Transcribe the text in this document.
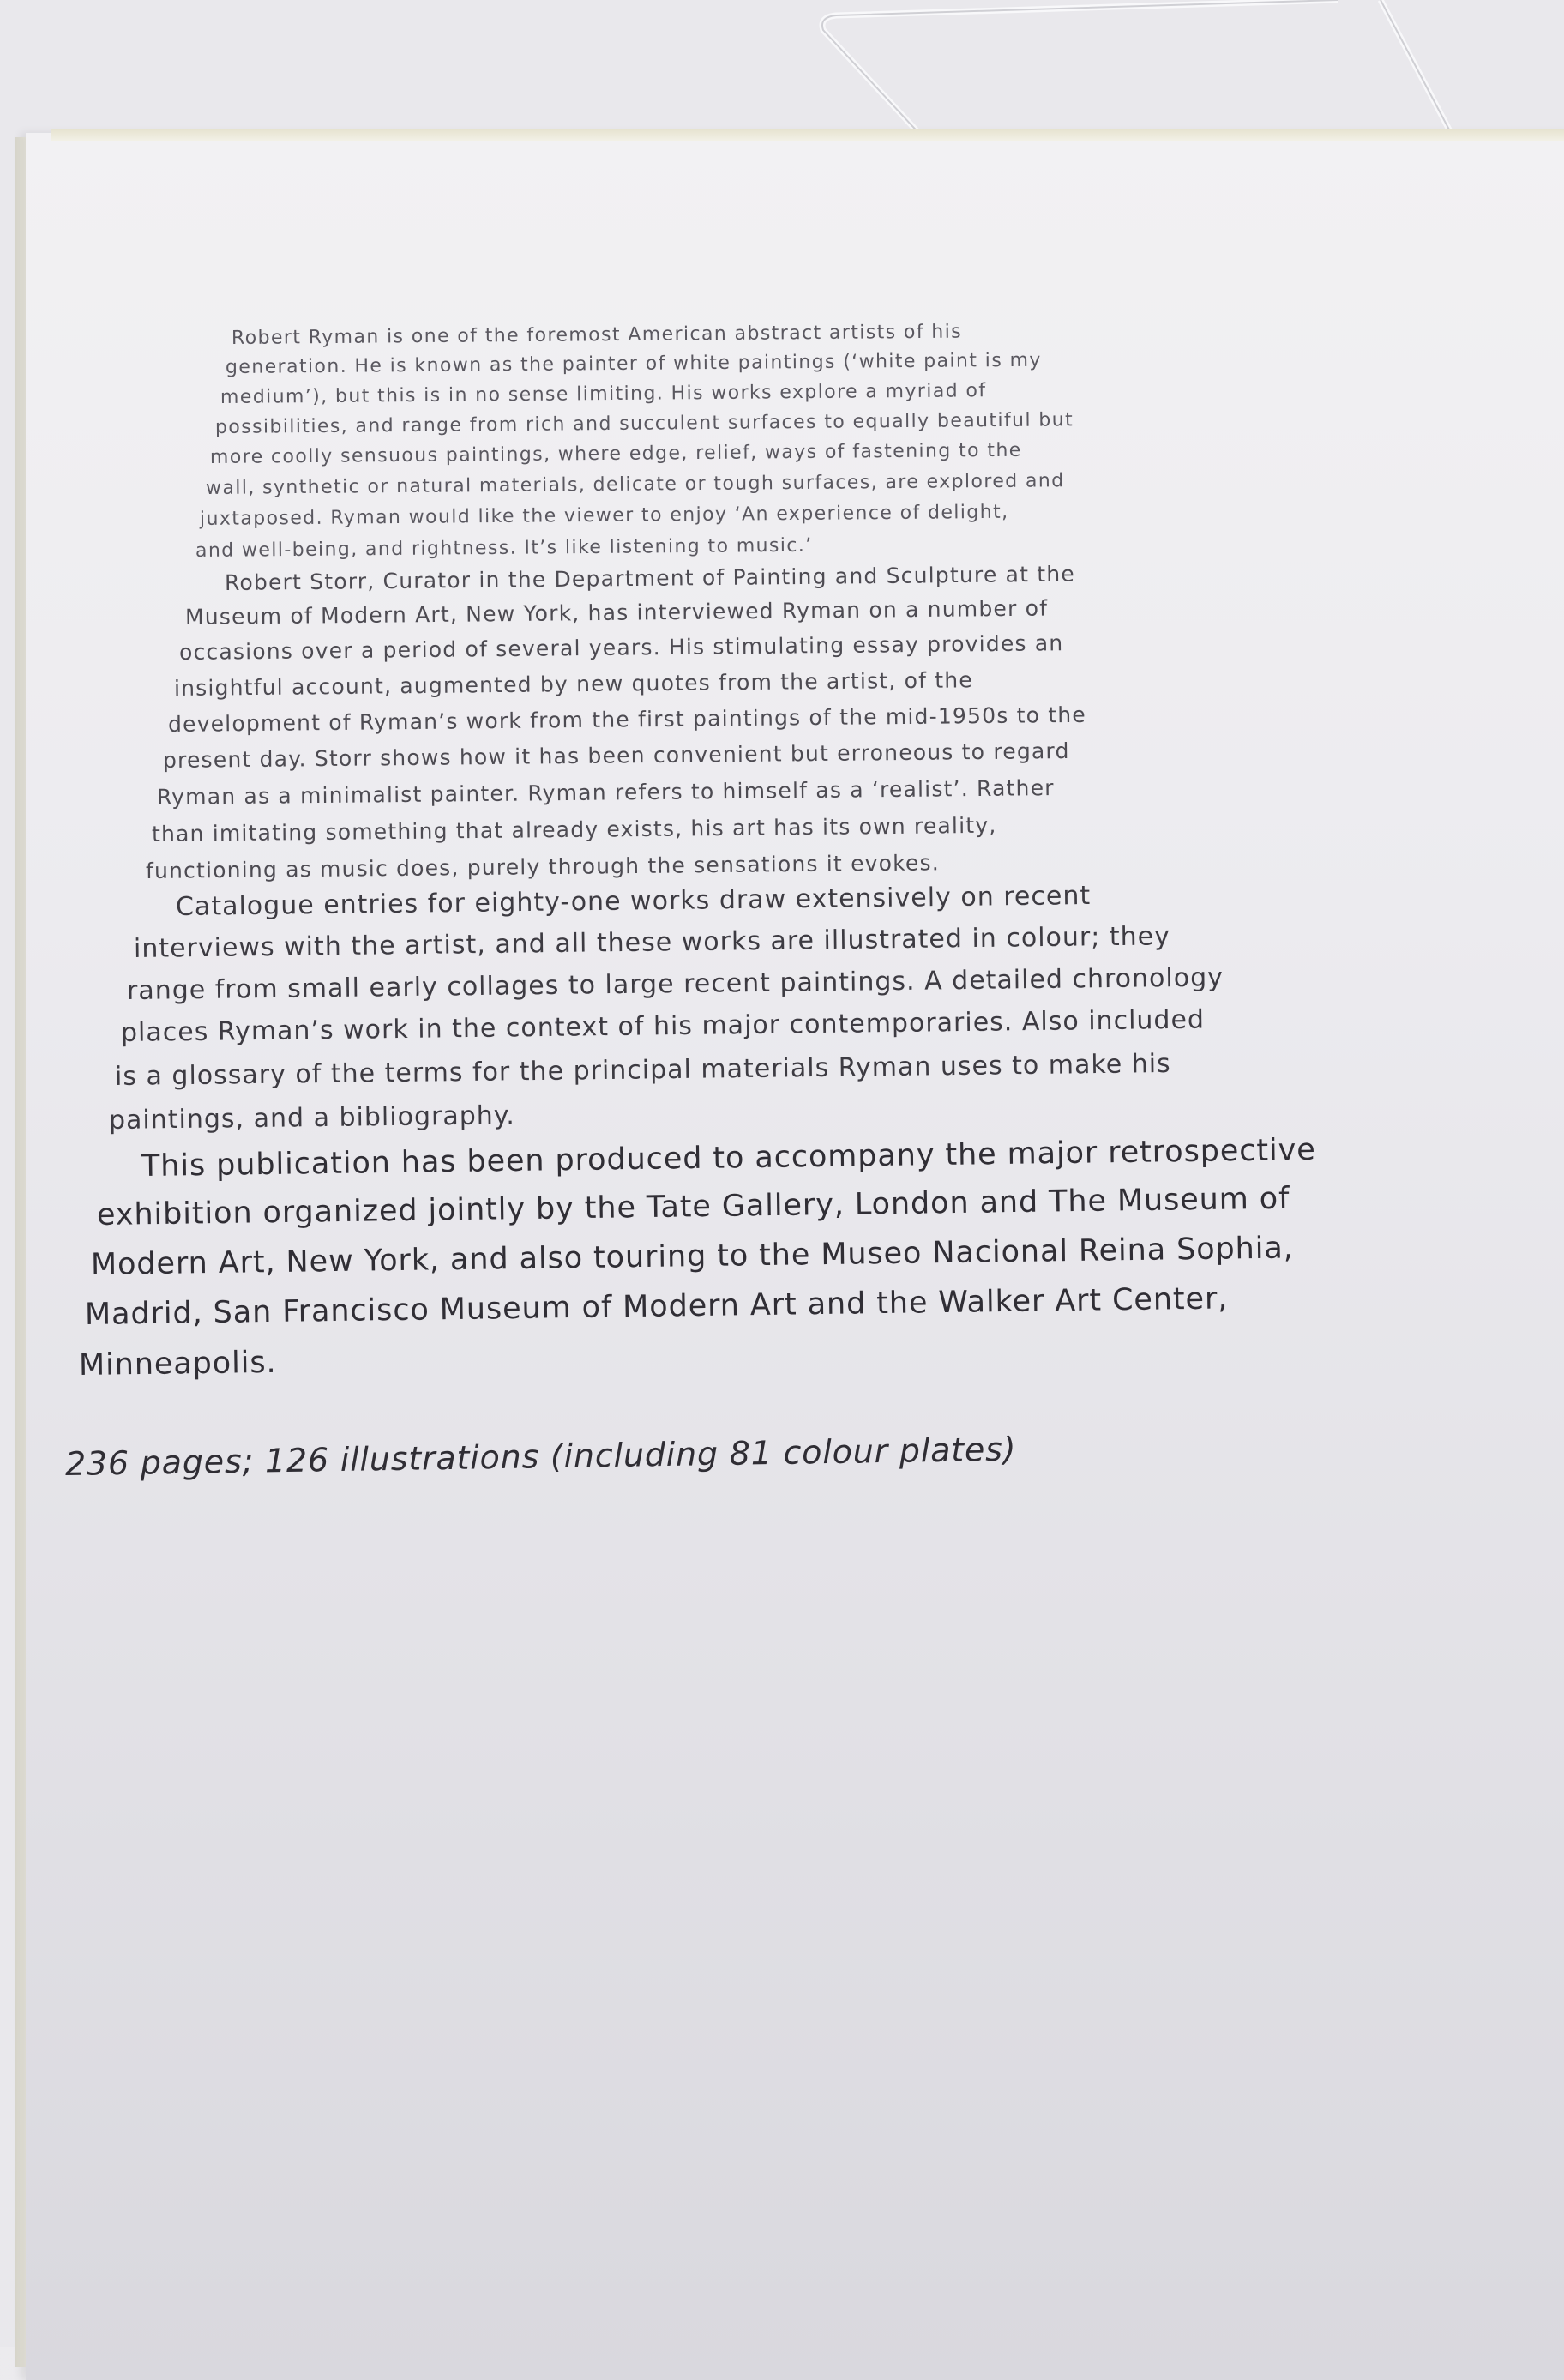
Robert Ryman is one of the foremost American abstract artists of his
generation. He is known as the painter of white paintings (‘white paint is my
medium’), but this is in no sense limiting. His works explore a myriad of
possibilities, and range from rich and succulent surfaces to equally beautiful but
more coolly sensuous paintings, where edge, relief, ways of fastening to the
wall, synthetic or natural materials, delicate or tough surfaces, are explored and
juxtaposed. Ryman would like the viewer to enjoy ‘An experience of delight,
and well-being, and rightness. It’s like listening to music.’
Robert Storr, Curator in the Department of Painting and Sculpture at the
Museum of Modern Art, New York, has interviewed Ryman on a number of
occasions over a period of several years. His stimulating essay provides an
insightful account, augmented by new quotes from the artist, of the
development of Ryman’s work from the first paintings of the mid-1950s to the
present day. Storr shows how it has been convenient but erroneous to regard
Ryman as a minimalist painter. Ryman refers to himself as a ‘realist’. Rather
than imitating something that already exists, his art has its own reality,
functioning as music does, purely through the sensations it evokes.
Catalogue entries for eighty-one works draw extensively on recent
interviews with the artist, and all these works are illustrated in colour; they
range from small early collages to large recent paintings. A detailed chronology
places Ryman’s work in the context of his major contemporaries. Also included
is a glossary of the terms for the principal materials Ryman uses to make his
paintings, and a bibliography.
This publication has been produced to accompany the major retrospective
exhibition organized jointly by the Tate Gallery, London and The Museum of
Modern Art, New York, and also touring to the Museo Nacional Reina Sophia,
Madrid, San Francisco Museum of Modern Art and the Walker Art Center,
Minneapolis.
236 pages; 126 illustrations (including 81 colour plates)
